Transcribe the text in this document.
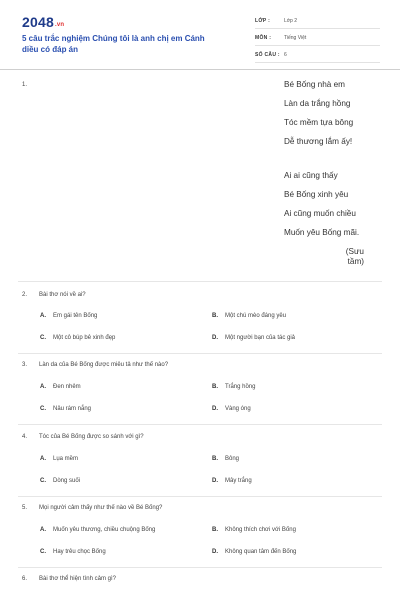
2048.vn
5 câu trắc nghiệm Chúng tôi là anh chị em Cánh diều có đáp án
LỚP :	Lớp 2
MÔN :	Tiếng Việt
SỐ CÂU : 6
1.	Bé Bống nhà em
Làn da trắng hồng
Tóc mềm tựa bông
Dễ thương lắm ấy!
Ai ai cũng thấy
Bé Bống xinh yêu
Ai cũng muốn chiều
Muốn yêu Bống mãi.
(Sưu
tầm)
2. Bài thơ nói về ai?
A. Em gái tên Bống	B. Một chú mèo đáng yêu
C. Một cô búp bê xinh đẹp	D. Một người bạn của tác giả
3. Làn da của Bé Bống được miêu tả như thế nào?
A. Đen nhẻm	B. Trắng hồng
C. Nâu rám nắng	D. Vàng óng
4. Tóc của Bé Bống được so sánh với gì?
A. Lụa mềm	B. Bông
C. Dòng suối	D. Mây trắng
5. Mọi người cảm thấy như thế nào về Bé Bống?
A. Muốn yêu thương, chiều chuộng Bống	B. Không thích chơi với Bống
C. Hay trêu chọc Bống	D. Không quan tâm đến Bống
6. Bài thơ thể hiện tình cảm gì?
